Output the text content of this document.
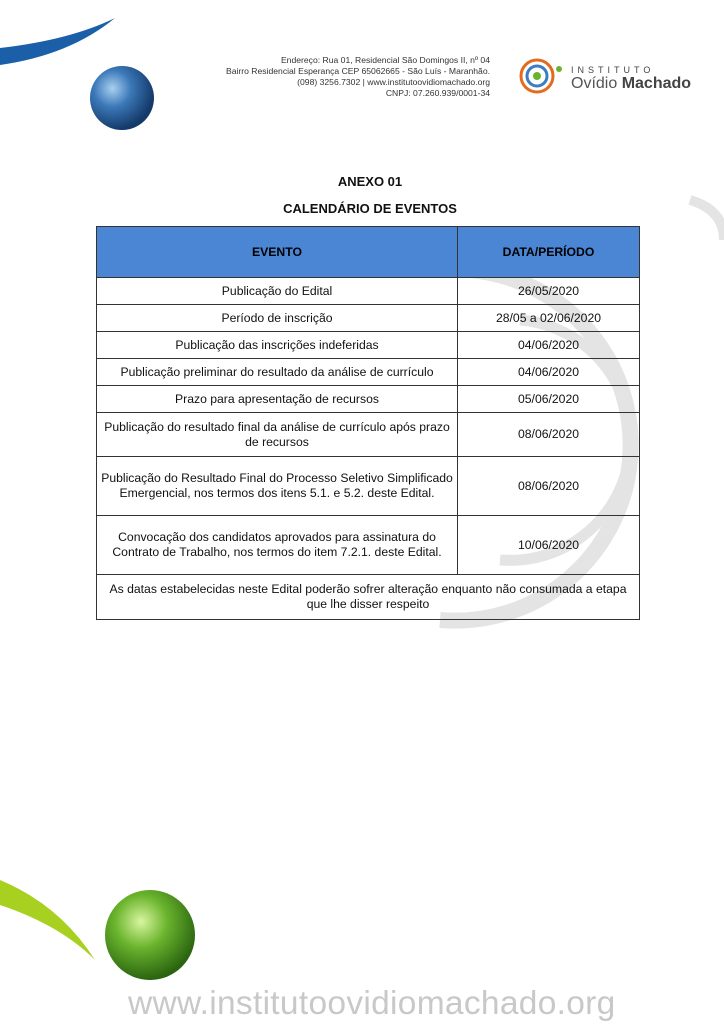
Endereço: Rua 01, Residencial São Domingos II, nº 04
Bairro Residencial Esperança CEP 65062665 - São Luís - Maranhão.
(098) 3256.7302 | www.institutoovidiomachado.org
CNPJ: 07.260.939/0001-34
INSTITUTO
Ovídio Machado
ANEXO 01
CALENDÁRIO DE EVENTOS
EVENTO	DATA/PERÍODO
Publicação do Edital	26/05/2020
Período de inscrição	28/05 a 02/06/2020
Publicação das inscrições indeferidas	04/06/2020
Publicação preliminar do resultado da análise de currículo	04/06/2020
Prazo para apresentação de recursos	05/06/2020
Publicação do resultado final da análise de currículo após prazo de recursos	08/06/2020
Publicação do Resultado Final do Processo Seletivo Simplificado Emergencial, nos termos dos itens 5.1. e 5.2. deste Edital.	08/06/2020
Convocação dos candidatos aprovados para assinatura do Contrato de Trabalho, nos termos do item 7.2.1. deste Edital.	10/06/2020
As datas estabelecidas neste Edital poderão sofrer alteração enquanto não consumada a etapa que lhe disser respeito	
www.institutoovidiomachado.org
